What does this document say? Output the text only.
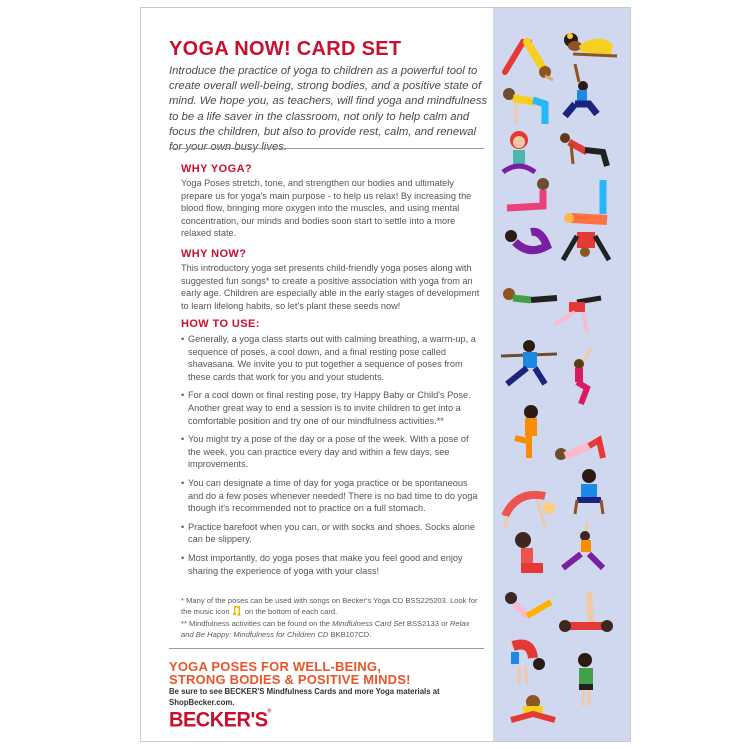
YOGA NOW! CARD SET

Introduce the practice of yoga to children as a powerful tool to create overall well-being, strong bodies, and a positive state of mind. We hope you, as teachers, will find yoga and mindfulness to be a life saver in the classroom, not only to help calm and focus the children, but also to provide rest, calm, and renewal for your own busy lives.

WHY YOGA?

Yoga Poses stretch, tone, and strengthen our bodies and ultimately prepare us for yoga's main purpose - to help us relax! By increasing the blood flow, bringing more oxygen into the muscles, and using mental concentration, our minds and bodies soon start to settle into a more relaxed state.

WHY NOW?

This introductory yoga set presents child-friendly yoga poses along with suggested fun songs* to create a positive association with yoga from an early age. Children are especially able in the early stages of development to learn lifelong habits, so let's plant these seeds now!

HOW TO USE:
• Generally, a yoga class starts out with calming breathing, a warm-up, a sequence of poses, a cool down, and a final resting pose called shavasana. We invite you to put together a sequence of poses from these cards that work for you and your students.
• For a cool down or final resting pose, try Happy Baby or Child's Pose. Another great way to end a session is to invite children to get into a comfortable position and try one of our mindfulness activities.**
• You might try a pose of the day or a pose of the week. With a pose of the week, you can practice every day and within a few days, see improvements.
• You can designate a time of day for yoga practice or be spontaneous and do a few poses whenever needed! There is no bad time to do yoga though it's recommended not to practice on a full stomach.
• Practice barefoot when you can, or with socks and shoes. Socks alone can be slippery.
• Most importantly, do yoga poses that make you feel good and enjoy sharing the experience of yoga with your class!

* Many of the poses can be used with songs on Becker's Yoga CD BSS225203. Look for the music icon on the bottom of each card.

** Mindfulness activities can be found on the Mindfulness Card Set BSS2133 or Relax and Be Happy: Mindfulness for Children CD BKB107CD.

YOGA POSES FOR WELL-BEING,
STRONG BODIES & POSITIVE MINDS!

Be sure to see BECKER'S Mindfulness Cards and more Yoga materials at ShopBecker.com.

BECKER'S®
